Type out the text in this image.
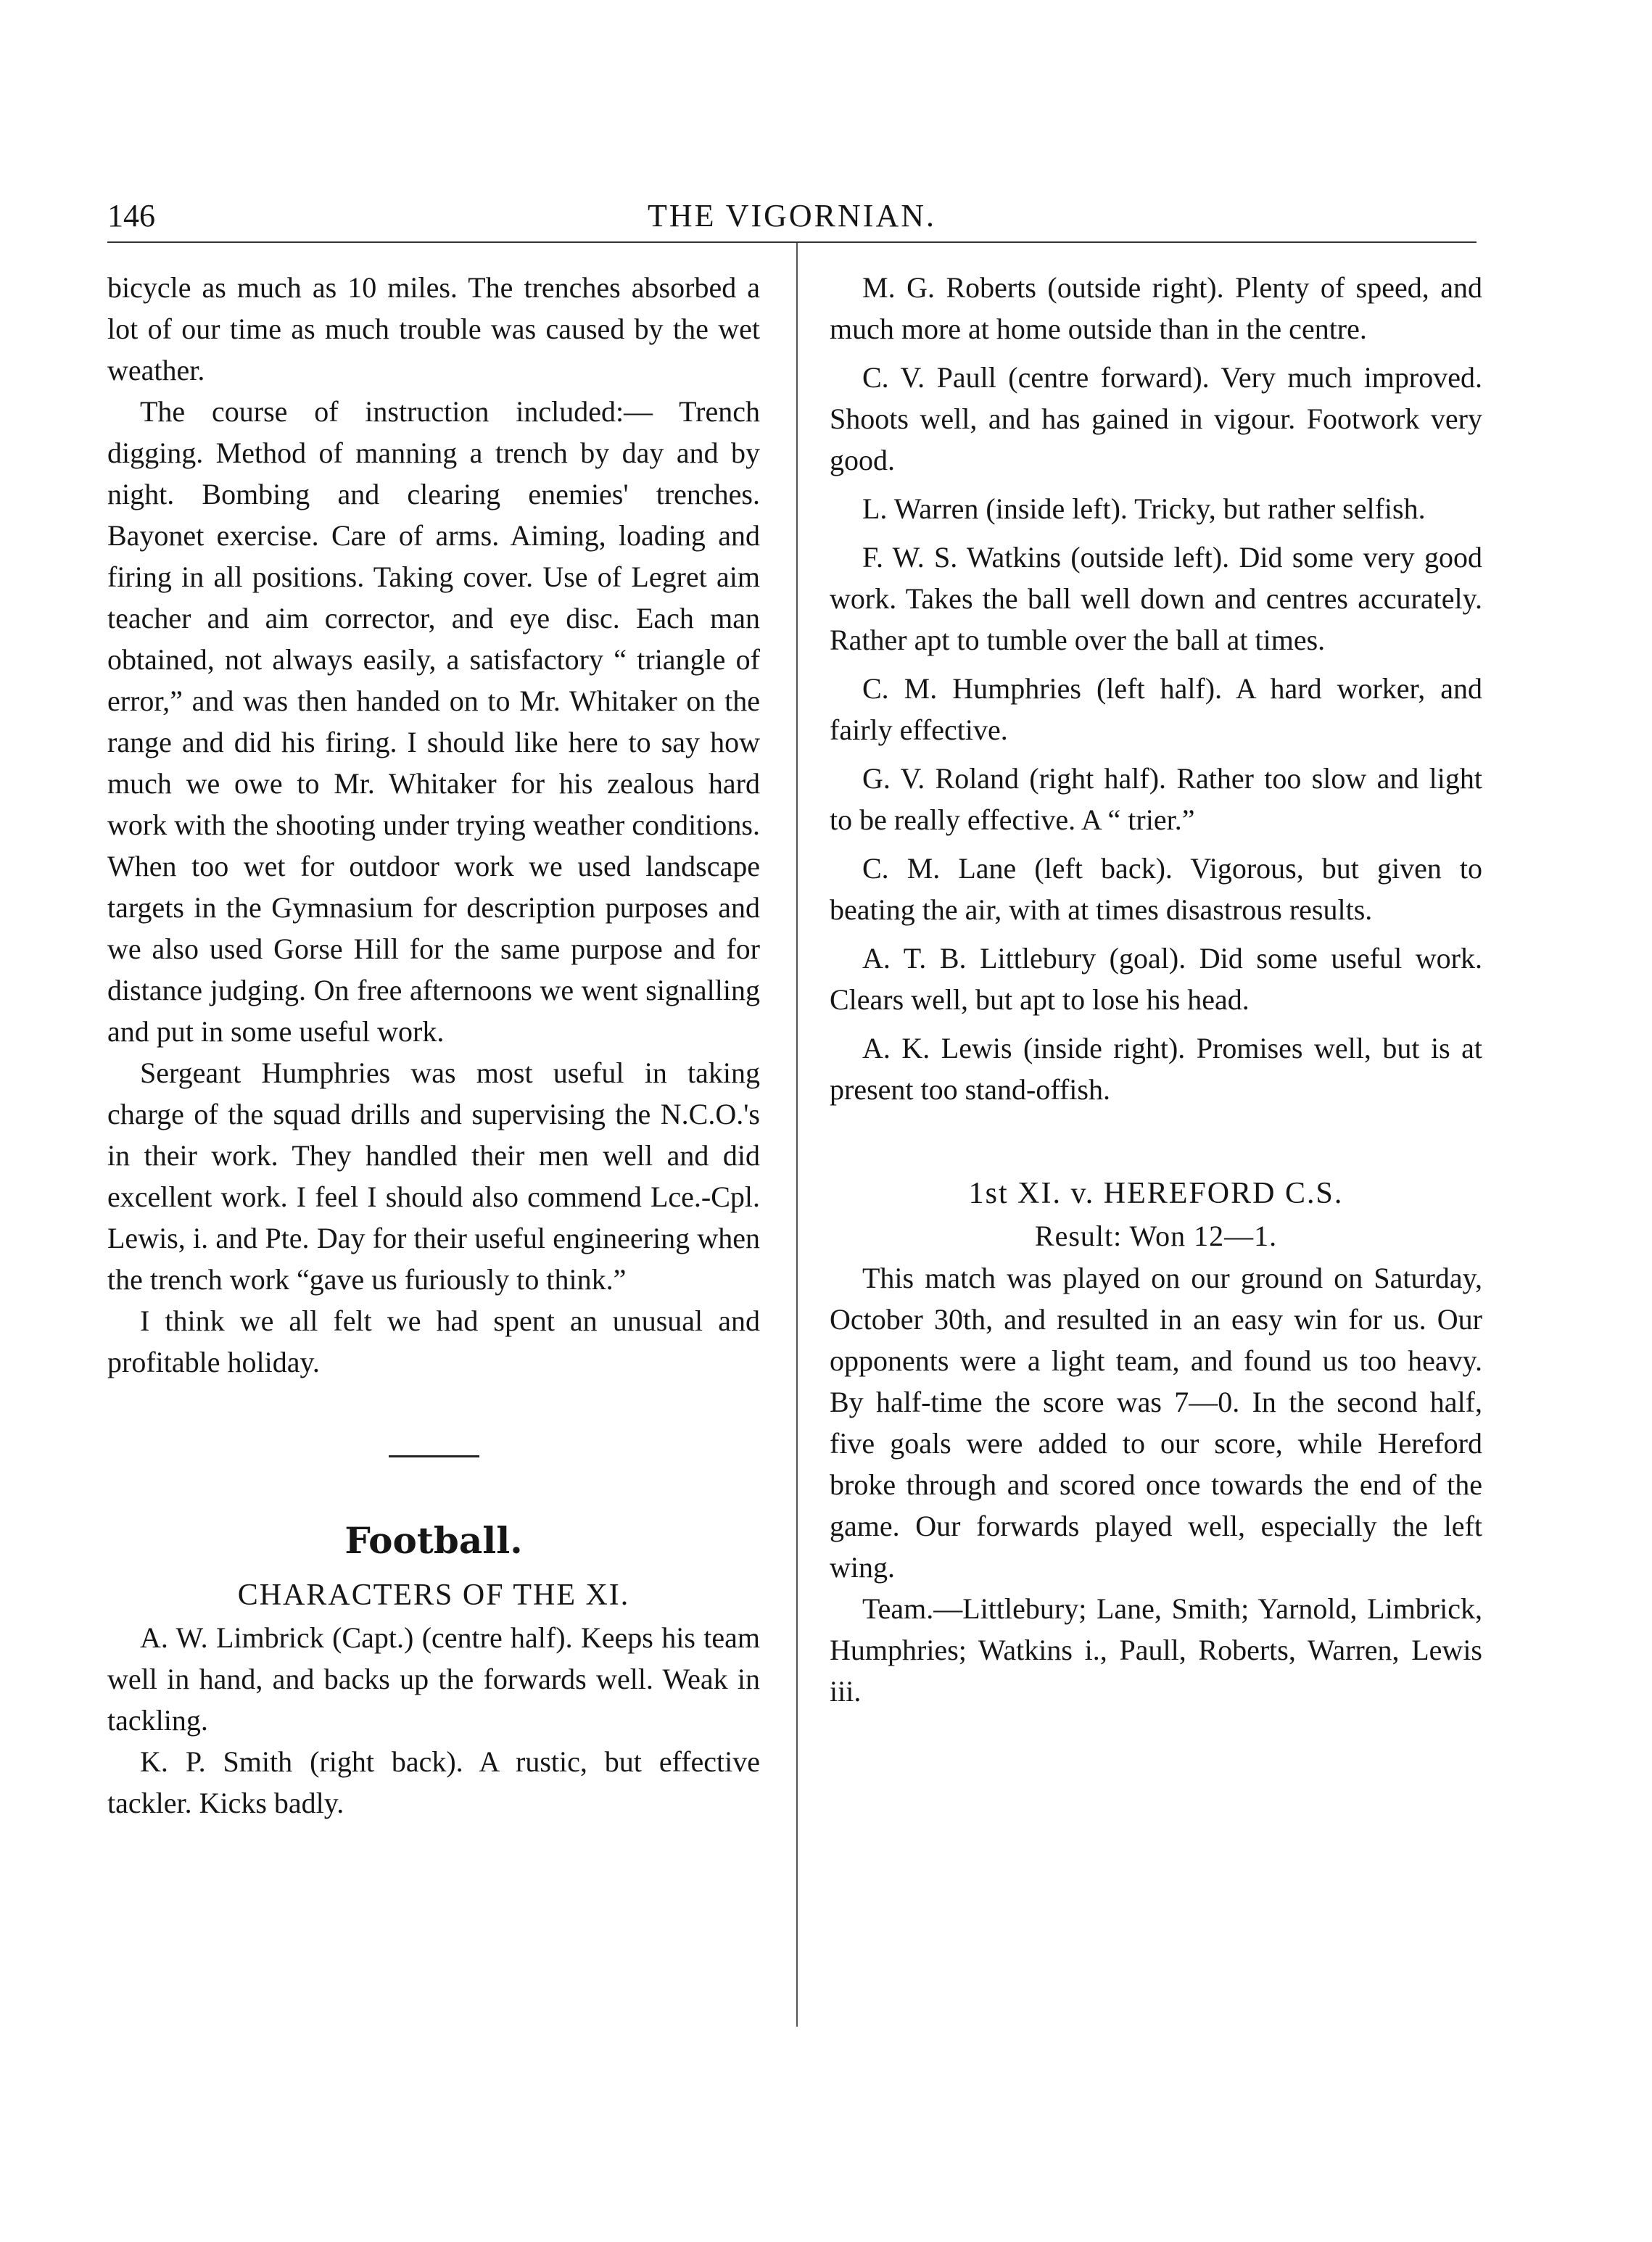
146	THE VIGORNIAN.

bicycle as much as 10 miles. The trenches absorbed a lot of our time as much trouble was caused by the wet weather.

The course of instruction included:— Trench digging. Method of manning a trench by day and by night. Bombing and clearing enemies' trenches. Bayonet exercise. Care of arms. Aiming, loading and firing in all positions. Taking cover. Use of Legret aim teacher and aim corrector, and eye disc. Each man obtained, not always easily, a satisfactory “ triangle of error,” and was then handed on to Mr. Whitaker on the range and did his firing. I should like here to say how much we owe to Mr. Whitaker for his zealous hard work with the shooting under trying weather conditions. When too wet for outdoor work we used landscape targets in the Gymnasium for description purposes and we also used Gorse Hill for the same purpose and for distance judging. On free afternoons we went signalling and put in some useful work.

Sergeant Humphries was most useful in taking charge of the squad drills and supervising the N.C.O.'s in their work. They handled their men well and did excellent work. I feel I should also commend Lce.-Cpl. Lewis, i. and Pte. Day for their useful engineering when the trench work “gave us furiously to think.”

I think we all felt we had spent an unusual and profitable holiday.

Football.
CHARACTERS OF THE XI.

A. W. Limbrick (Capt.) (centre half). Keeps his team well in hand, and backs up the forwards well. Weak in tackling.

K. P. Smith (right back). A rustic, but effective tackler. Kicks badly.

M. G. Roberts (outside right). Plenty of speed, and much more at home outside than in the centre.

C. V. Paull (centre forward). Very much improved. Shoots well, and has gained in vigour. Footwork very good.

L. Warren (inside left). Tricky, but rather selfish.

F. W. S. Watkins (outside left). Did some very good work. Takes the ball well down and centres accurately. Rather apt to tumble over the ball at times.

C. M. Humphries (left half). A hard worker, and fairly effective.

G. V. Roland (right half). Rather too slow and light to be really effective. A “ trier.”

C. M. Lane (left back). Vigorous, but given to beating the air, with at times disastrous results.

A. T. B. Littlebury (goal). Did some useful work. Clears well, but apt to lose his head.

A. K. Lewis (inside right). Promises well, but is at present too stand-offish.

1st XI. v. HEREFORD C.S.
Result: Won 12—1.

This match was played on our ground on Saturday, October 30th, and resulted in an easy win for us. Our opponents were a light team, and found us too heavy. By half-time the score was 7—0. In the second half, five goals were added to our score, while Hereford broke through and scored once towards the end of the game. Our forwards played well, especially the left wing.

Team.—Littlebury; Lane, Smith; Yarnold, Limbrick, Humphries; Watkins i., Paull, Roberts, Warren, Lewis iii.
